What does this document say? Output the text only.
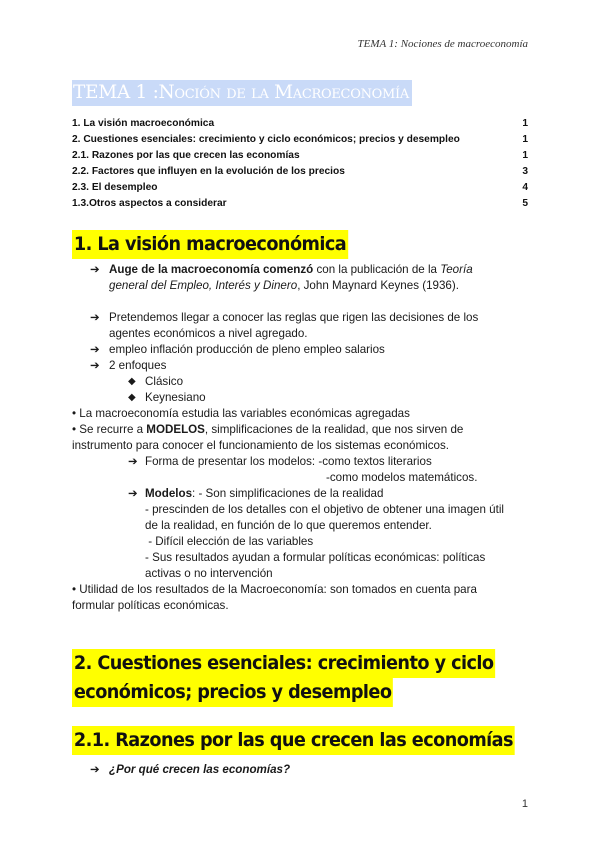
TEMA 1: Nociones de macroeconomía
TEMA 1 :Noción de la Macroeconomía
1. La visión macroeconómica	1
2. Cuestiones esenciales: crecimiento y ciclo económicos; precios y desempleo	1
2.1. Razones por las que crecen las economías	1
2.2. Factores que influyen en la evolución de los precios	3
2.3. El desempleo	4
1.3.Otros aspectos a considerar	5
1. La visión macroeconómica
➔ Auge de la macroeconomía comenzó con la publicación de la Teoría
general del Empleo, Interés y Dinero, John Maynard Keynes (1936).
➔ Pretendemos llegar a conocer las reglas que rigen las decisiones de los
agentes económicos a nivel agregado.
➔ empleo inflación producción de pleno empleo salarios
➔ 2 enfoques
◆ Clásico
◆ Keynesiano
• La macroeconomía estudia las variables económicas agregadas
• Se recurre a MODELOS, simplificaciones de la realidad, que nos sirven de
instrumento para conocer el funcionamiento de los sistemas económicos.
➔ Forma de presentar los modelos: -como textos literarios
-como modelos matemáticos.
➔ Modelos: - Son simplificaciones de la realidad
- prescinden de los detalles con el objetivo de obtener una imagen útil
de la realidad, en función de lo que queremos entender.
- Difícil elección de las variables
- Sus resultados ayudan a formular políticas económicas: políticas
activas o no intervención
• Utilidad de los resultados de la Macroeconomía: son tomados en cuenta para
formular políticas económicas.
2. Cuestiones esenciales: crecimiento y ciclo
económicos; precios y desempleo
2.1. Razones por las que crecen las economías
➔ ¿Por qué crecen las economías?
1
